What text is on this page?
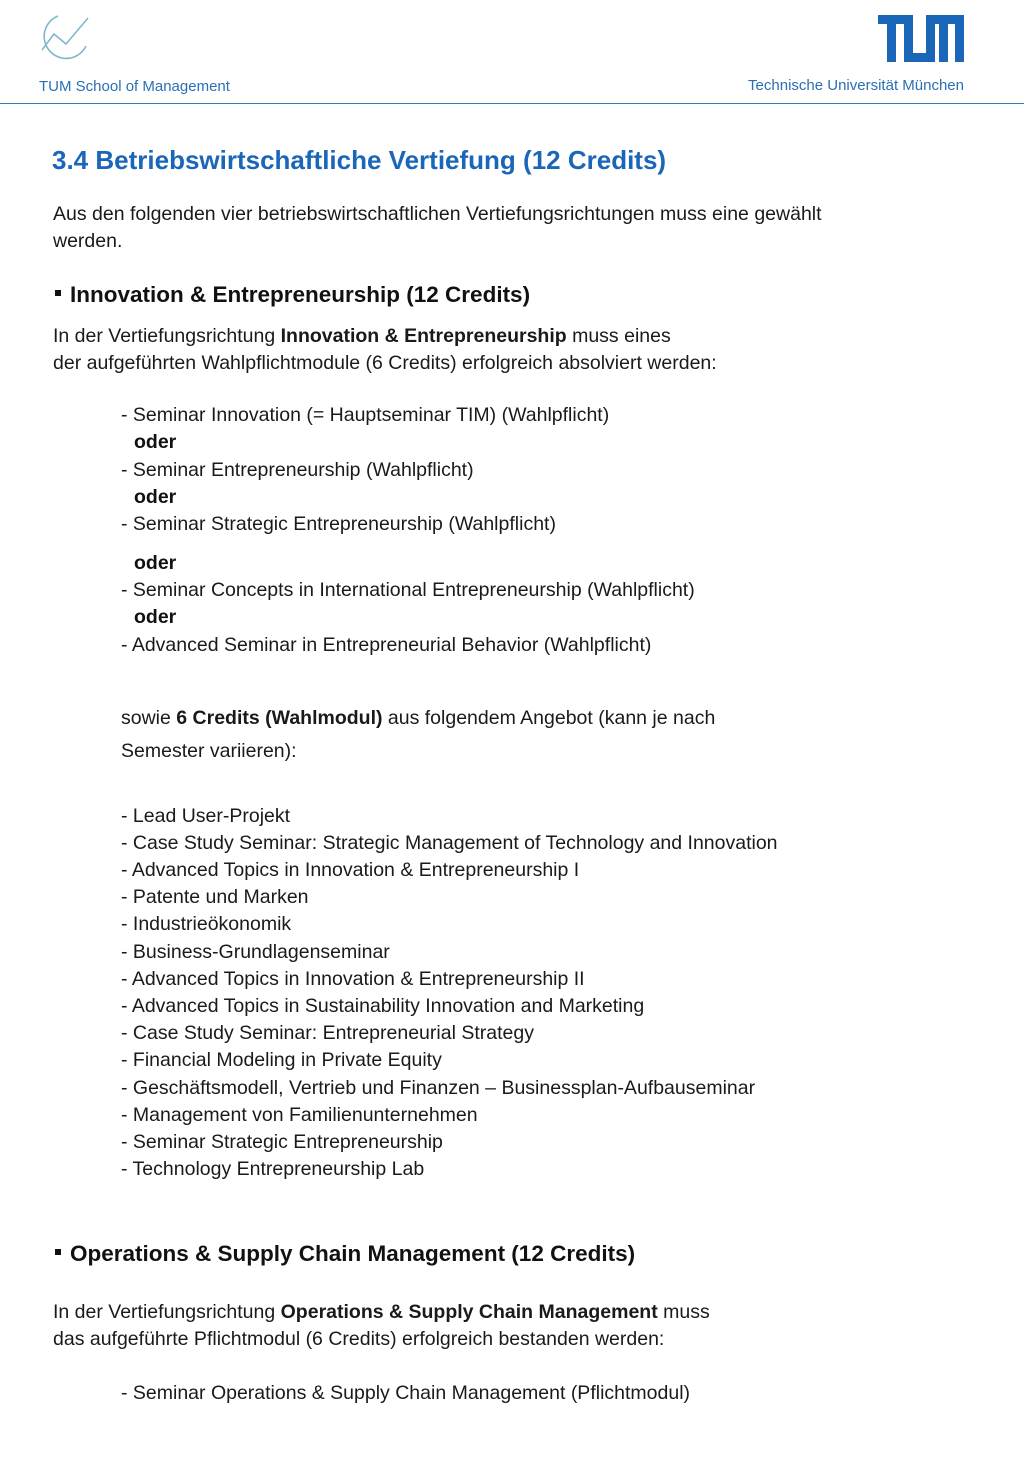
TUM School of Management	Technische Universität München
3.4 Betriebswirtschaftliche Vertiefung (12 Credits)
Aus den folgenden vier betriebswirtschaftlichen Vertiefungsrichtungen muss eine gewählt
werden.
Innovation & Entrepreneurship (12 Credits)
In der Vertiefungsrichtung Innovation & Entrepreneurship muss eines
der aufgeführten Wahlpflichtmodule (6 Credits) erfolgreich absolviert werden:
- Seminar Innovation (= Hauptseminar TIM) (Wahlpflicht)
oder
- Seminar Entrepreneurship (Wahlpflicht)
oder
- Seminar Strategic Entrepreneurship (Wahlpflicht)
oder
- Seminar Concepts in International Entrepreneurship (Wahlpflicht)
oder
- Advanced Seminar in Entrepreneurial Behavior (Wahlpflicht)
sowie 6 Credits (Wahlmodul) aus folgendem Angebot (kann je nach
Semester variieren):
- Lead User-Projekt
- Case Study Seminar: Strategic Management of Technology and Innovation
- Advanced Topics in Innovation & Entrepreneurship I
- Patente und Marken
- Industrieökonomik
- Business-Grundlagenseminar
- Advanced Topics in Innovation & Entrepreneurship II
- Advanced Topics in Sustainability Innovation and Marketing
- Case Study Seminar: Entrepreneurial Strategy
- Financial Modeling in Private Equity
- Geschäftsmodell, Vertrieb und Finanzen – Businessplan-Aufbauseminar
- Management von Familienunternehmen
- Seminar Strategic Entrepreneurship
- Technology Entrepreneurship Lab
Operations & Supply Chain Management (12 Credits)
In der Vertiefungsrichtung Operations & Supply Chain Management muss
das aufgeführte Pflichtmodul (6 Credits) erfolgreich bestanden werden:
- Seminar Operations & Supply Chain Management (Pflichtmodul)
